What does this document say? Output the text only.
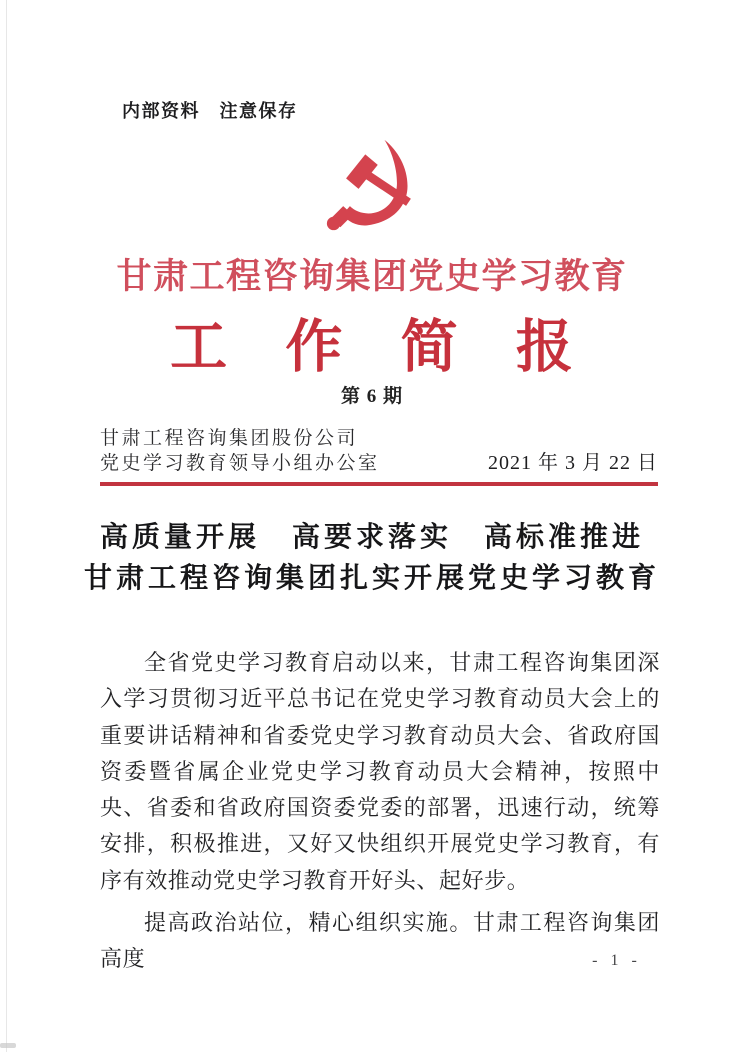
内部资料　注意保存
甘肃工程咨询集团党史学习教育
工 作 简 报
第 6 期
甘肃工程咨询集团股份公司
党史学习教育领导小组办公室	2021 年 3 月 22 日
高质量开展　高要求落实　高标准推进
甘肃工程咨询集团扎实开展党史学习教育

全省党史学习教育启动以来，甘肃工程咨询集团深入学习贯彻习近平总书记在党史学习教育动员大会上的重要讲话精神和省委党史学习教育动员大会、省政府国资委暨省属企业党史学习教育动员大会精神，按照中央、省委和省政府国资委党委的部署，迅速行动，统筹安排，积极推进，又好又快组织开展党史学习教育，有序有效推动党史学习教育开好头、起好步。

提高政治站位，精心组织实施。甘肃工程咨询集团高度	- 1 -
